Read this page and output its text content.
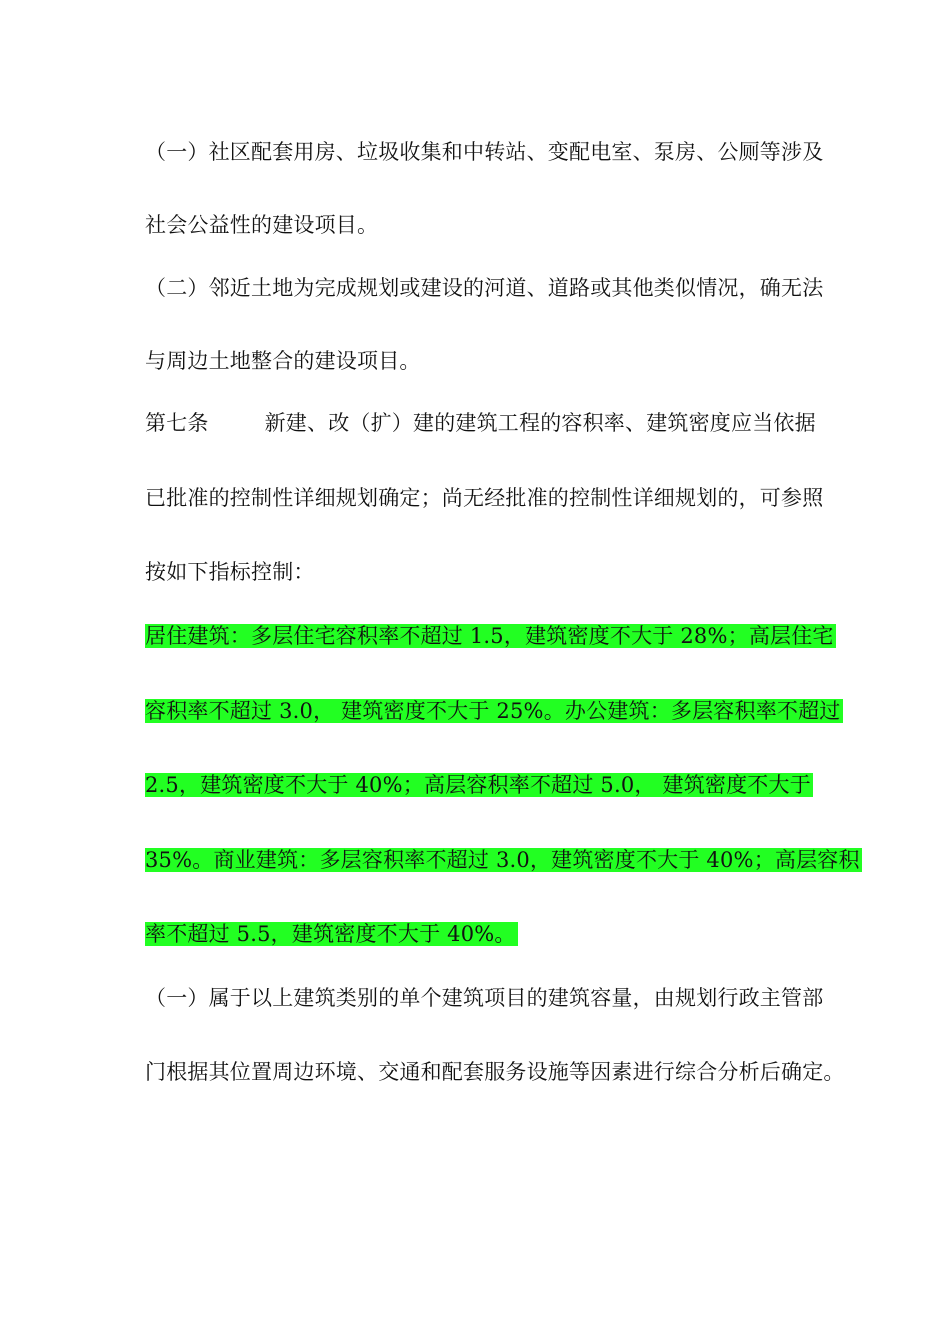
（一）社区配套用房、垃圾收集和中转站、变配电室、泵房、公厕等涉及
社会公益性的建设项目。
（二）邻近土地为完成规划或建设的河道、道路或其他类似情况，确无法
与周边土地整合的建设项目。
第七条	新建、改（扩）建的建筑工程的容积率、建筑密度应当依据
已批准的控制性详细规划确定；尚无经批准的控制性详细规划的，可参照
按如下指标控制：
居住建筑：多层住宅容积率不超过 1.5，建筑密度不大于 28%；高层住宅
容积率不超过 3.0， 建筑密度不大于 25%。办公建筑：多层容积率不超过
2.5，建筑密度不大于 40%；高层容积率不超过 5.0， 建筑密度不大于
35%。商业建筑：多层容积率不超过 3.0，建筑密度不大于 40%；高层容积
率不超过 5.5，建筑密度不大于 40%。
（一）属于以上建筑类别的单个建筑项目的建筑容量，由规划行政主管部
门根据其位置周边环境、交通和配套服务设施等因素进行综合分析后确定。
